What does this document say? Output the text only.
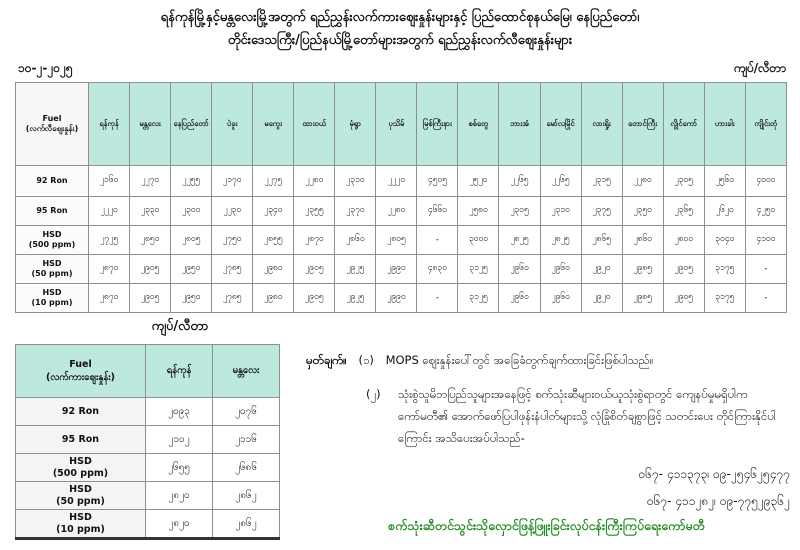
ရန်ကုန်မြို့နှင့်မန္တလေးမြို့အတွက် ရည်ညွှန်းလက်ကားဈေးနှုန်းများနှင့် ပြည်ထောင်စုနယ်မြေ၊ နေပြည်တော်၊
တိုင်းဒေသကြီး/ပြည်နယ်မြို့တော်များအတွက် ရည်ညွှန်းလက်လီဈေးနှုန်းများ
၁၀-၂-၂၀၂၅	ကျပ်/လီတာ
Fuel
(လက်လီဈေးနှုန်း)	ရန်ကုန်	မန္တလေး	နေပြည်တော်	ပဲခူး	မကွေး	ထားဝယ်	မုံရွာ	ပုသိမ်	မြစ်ကြီးနား	စစ်တွေ	ဘားအံ	မော်လမြိုင်	လားရှိုး	တောင်ကြီး	လွိုင်ကော်	ဟားခါး	ကျိုင်းတုံ

92 Ron	၂၁၆၀	၂၂၇၀	၂၂၅၅	၂၁၇၀	၂၂၇၅	၂၂၈၀	၂၃၁၀	၂၂၂၀	၄၅၀၅	၂၅၂၀	၂၂၆၅	၂၂၆၅	၂၃၁၅	၂၂၈၀	၂၃၀၅	၂၅၆၀	၄၀၀၀

95 Ron	၂၂၂၀	၂၃၃၀	၂၃၀၀	၂၂၃၀	၂၃၄၀	၂၃၅၅	၂၃၇၀	၂၂၈၀	၄၆၆၀	၂၅၈၀	၂၃၀၅	၂၃၁၀	၂၃၇၅	၂၃၅၀	၂၃၆၅	၂၆၂၀	၄၂၅၀

HSD
(500 ppm)	၂၇၂၅	၂၈၅၀	၂၈၀၅	၂၇၅၀	၂၈၅၅	၂၈၇၀	၂၈၆၀	၂၈၀၅	-	၃၀၀၀	၂၈၂၅	၂၈၂၅	၂၈၆၅	၂၈၆၀	၂၈၀၀	၃၀၄၀	၄၁၀၀

HSD
(50 ppm)	၂၈၇၀	၂၉၀၅	၂၉၅၀	၂၇၈၅	၂၉၈၀	၂၉၀၅	၂၉၂၅	၂၉၉၀	၄၈၃၀	၃၁၂၅	၂၉၆၀	၂၉၆၀	၂၉၂၀	၂၉၈၅	၂၉၀၅	၃၁၇၅	-

HSD
(10 ppm)	၂၈၇၀	၂၉၀၅	၂၉၅၀	၂၇၈၅	၂၉၈၀	၂၉၀၅	၂၉၂၅	၂၉၉၀	-	၃၁၂၅	၂၉၆၀	၂၉၆၀	၂၉၂၀	၂၉၈၅	၂၉၀၅	၃၁၇၅	-
ကျပ်/လီတာ
Fuel
(လက်ကားဈေးနှုန်း)	ရန်ကုန်	မန္တလေး

92 Ron	၂၀၉၃	၂၀၇၆

95 Ron	၂၁၀၂	၂၁၁၆

HSD
(500 ppm)	၂၆၅၅	၂၆၈၆

HSD
(50 ppm)	၂၈၂၀	၂၈၆၂

HSD
(10 ppm)	၂၈၂၀	၂၈၆၂
မှတ်ချက်။ (၁) MOPS ဈေးနှုန်းပေါ်တွင် အခြေခံတွက်ချက်ထားခြင်းဖြစ်ပါသည်။
(၂)	သုံးစွဲသူမိဘပြည်သူများအနေဖြင့် စက်သုံးဆီများဝယ်ယူသုံးစွဲရာတွင် ကျေနပ်မှုမရှိပါက ကော်မတီ၏ အောက်ဖော်ပြပါဖုန်းနံပါတ်များသို့ လုံခြုံစိတ်ချစွာဖြင့် သတင်းပေး တိုင်ကြားနိုင်ပါကြောင်း အသိပေးအပ်ပါသည်-
၀၆၇- ၄၁၁၃၇၃၊ ၀၉-၂၅၄၆၂၅၄၇၇
၀၆၇- ၄၁၁၂၈၂၊ ၀၉-၇၇၅၂၉၃၆၂
စက်သုံးဆီတင်သွင်းသိုလှောင်ဖြန့်ဖြူးခြင်းလုပ်ငန်းကြီးကြပ်ရေးကော်မတီ
